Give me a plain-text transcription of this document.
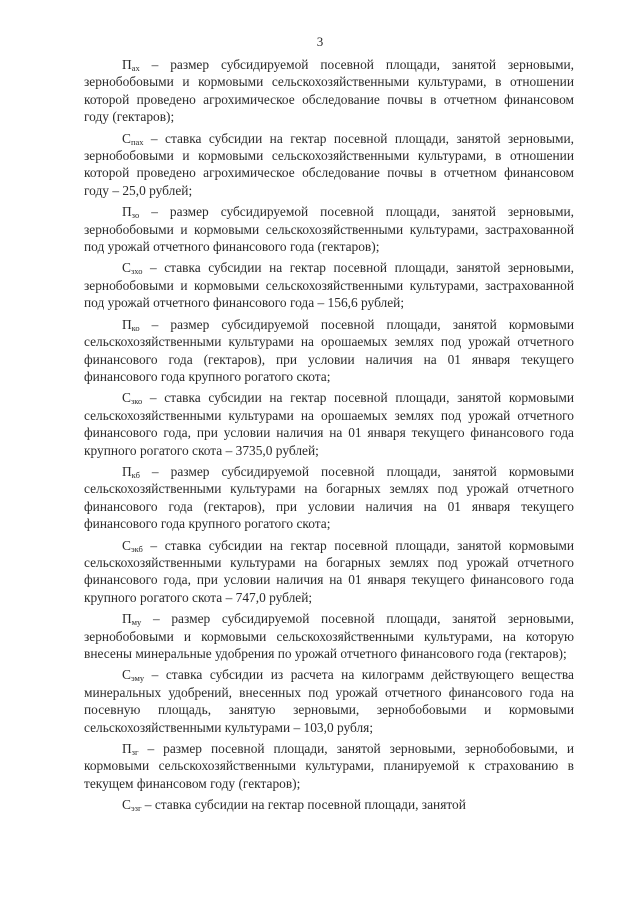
3

$П_{ах}$ – размер субсидируемой посевной площади, занятой зерновыми, зернобобовыми и кормовыми сельскохозяйственными культурами, в отношении которой проведено агрохимическое обследование почвы в отчетном финансовом году (гектаров);

$С_{пах}$ – ставка субсидии на гектар посевной площади, занятой зерновыми, зернобобовыми и кормовыми сельскохозяйственными культурами, в отношении которой проведено агрохимическое обследование почвы в отчетном финансовом году – 25,0 рублей;

$П_{зо}$ – размер субсидируемой посевной площади, занятой зерновыми, зернобобовыми и кормовыми сельскохозяйственными культурами, застрахованной под урожай отчетного финансового года (гектаров);

$С_{зхо}$ – ставка субсидии на гектар посевной площади, занятой зерновыми, зернобобовыми и кормовыми сельскохозяйственными культурами, застрахованной под урожай отчетного финансового года – 156,6 рублей;

$П_{ко}$ – размер субсидируемой посевной площади, занятой кормовыми сельскохозяйственными культурами на орошаемых землях под урожай отчетного финансового года (гектаров), при условии наличия на 01 января текущего финансового года крупного рогатого скота;

$С_{зко}$ – ставка субсидии на гектар посевной площади, занятой кормовыми сельскохозяйственными культурами на орошаемых землях под урожай отчетного финансового года, при условии наличия на 01 января текущего финансового года крупного рогатого скота – 3735,0 рублей;

$П_{кб}$ – размер субсидируемой посевной площади, занятой кормовыми сельскохозяйственными культурами на богарных землях под урожай отчетного финансового года (гектаров), при условии наличия на 01 января текущего финансового года крупного рогатого скота;

$С_{экб}$ – ставка субсидии на гектар посевной площади, занятой кормовыми сельскохозяйственными культурами на богарных землях под урожай отчетного финансового года, при условии наличия на 01 января текущего финансового года крупного рогатого скота – 747,0 рублей;

$П_{му}$ – размер субсидируемой посевной площади, занятой зерновыми, зернобобовыми и кормовыми сельскохозяйственными культурами, на которую внесены минеральные удобрения по урожай отчетного финансового года (гектаров);

$С_{эму}$ – ставка субсидии из расчета на килограмм действующего вещества минеральных удобрений, внесенных под урожай отчетного финансового года на посевную площадь, занятую зерновыми, зернобобовыми и кормовыми сельскохозяйственными культурами – 103,0 рубля;

$П_{зг}$ – размер посевной площади, занятой зерновыми, зернобобовыми, и кормовыми сельскохозяйственными культурами, планируемой к страхованию в текущем финансовом году (гектаров);

$С_{эзг}$ – ставка субсидии на гектар посевной площади, занятой
